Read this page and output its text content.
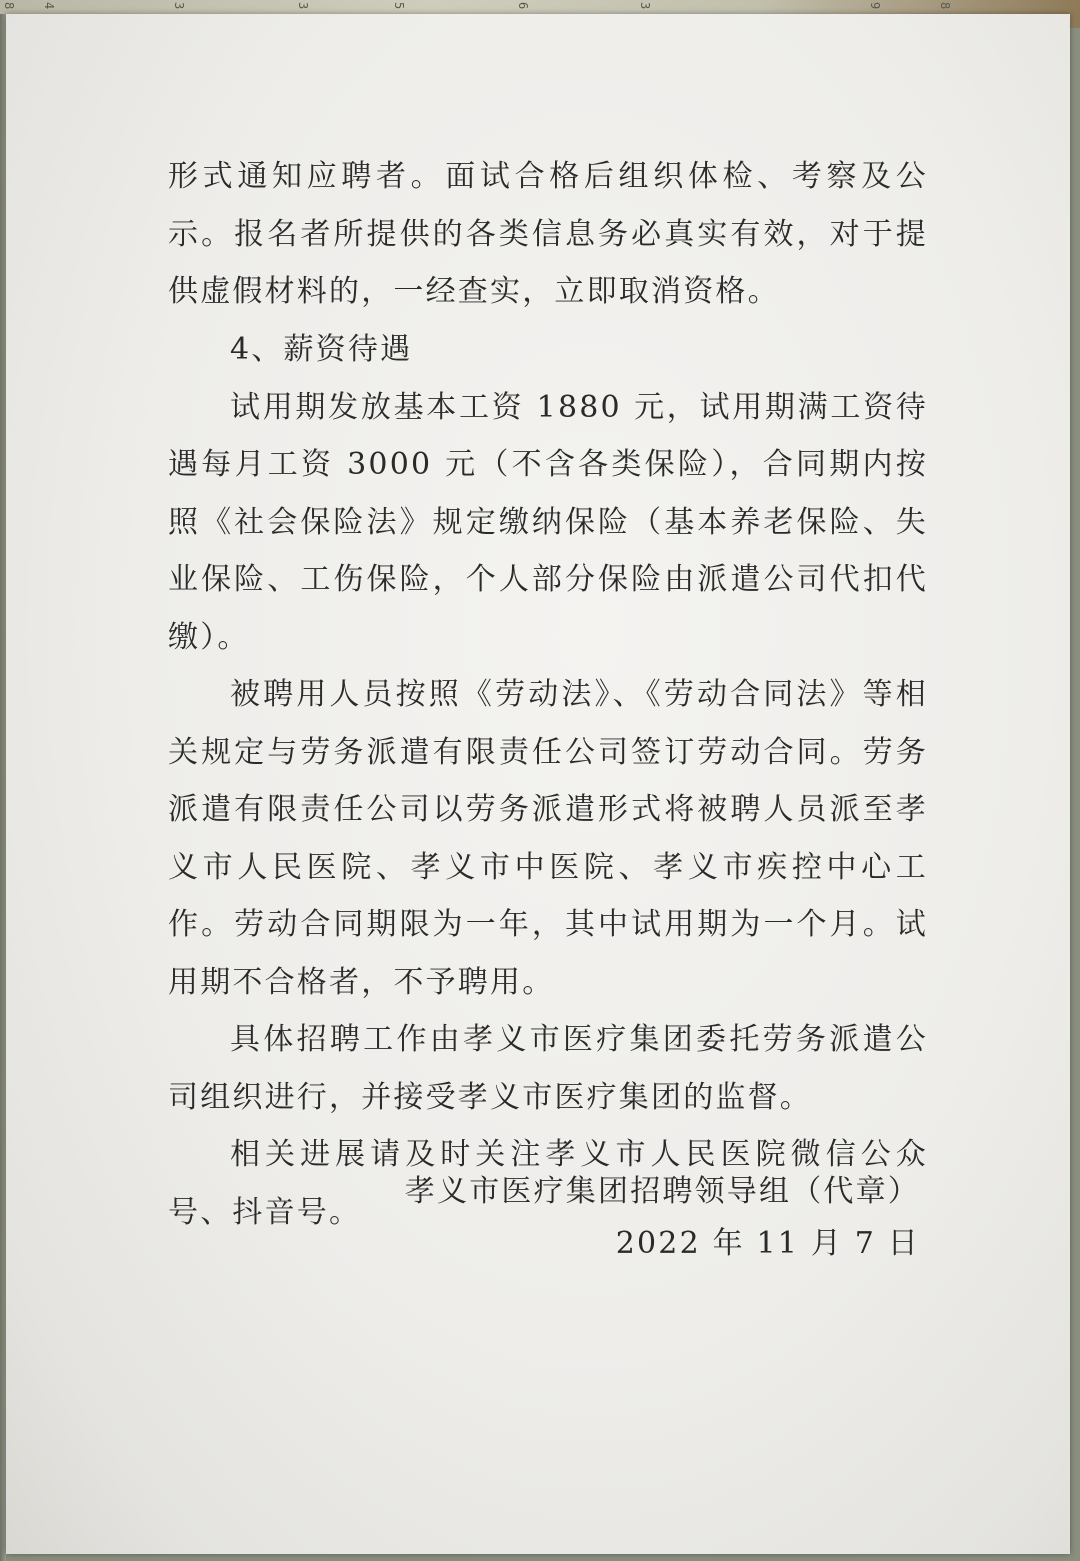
8 4	3	3	5	6	3	9	8

形式通知应聘者。面试合格后组织体检、考察及公示。报名者所提供的各类信息务必真实有效，对于提供虚假材料的，一经查实，立即取消资格。

4、薪资待遇

试用期发放基本工资 1880 元，试用期满工资待遇每月工资 3000 元（不含各类保险），合同期内按照《社会保险法》规定缴纳保险（基本养老保险、失业保险、工伤保险，个人部分保险由派遣公司代扣代缴）。

被聘用人员按照《劳动法》、《劳动合同法》等相关规定与劳务派遣有限责任公司签订劳动合同。劳务派遣有限责任公司以劳务派遣形式将被聘人员派至孝义市人民医院、孝义市中医院、孝义市疾控中心工作。劳动合同期限为一年，其中试用期为一个月。试用期不合格者，不予聘用。

具体招聘工作由孝义市医疗集团委托劳务派遣公司组织进行，并接受孝义市医疗集团的监督。

相关进展请及时关注孝义市人民医院微信公众号、抖音号。

孝义市医疗集团招聘领导组（代章）
2022 年 11 月 7 日
